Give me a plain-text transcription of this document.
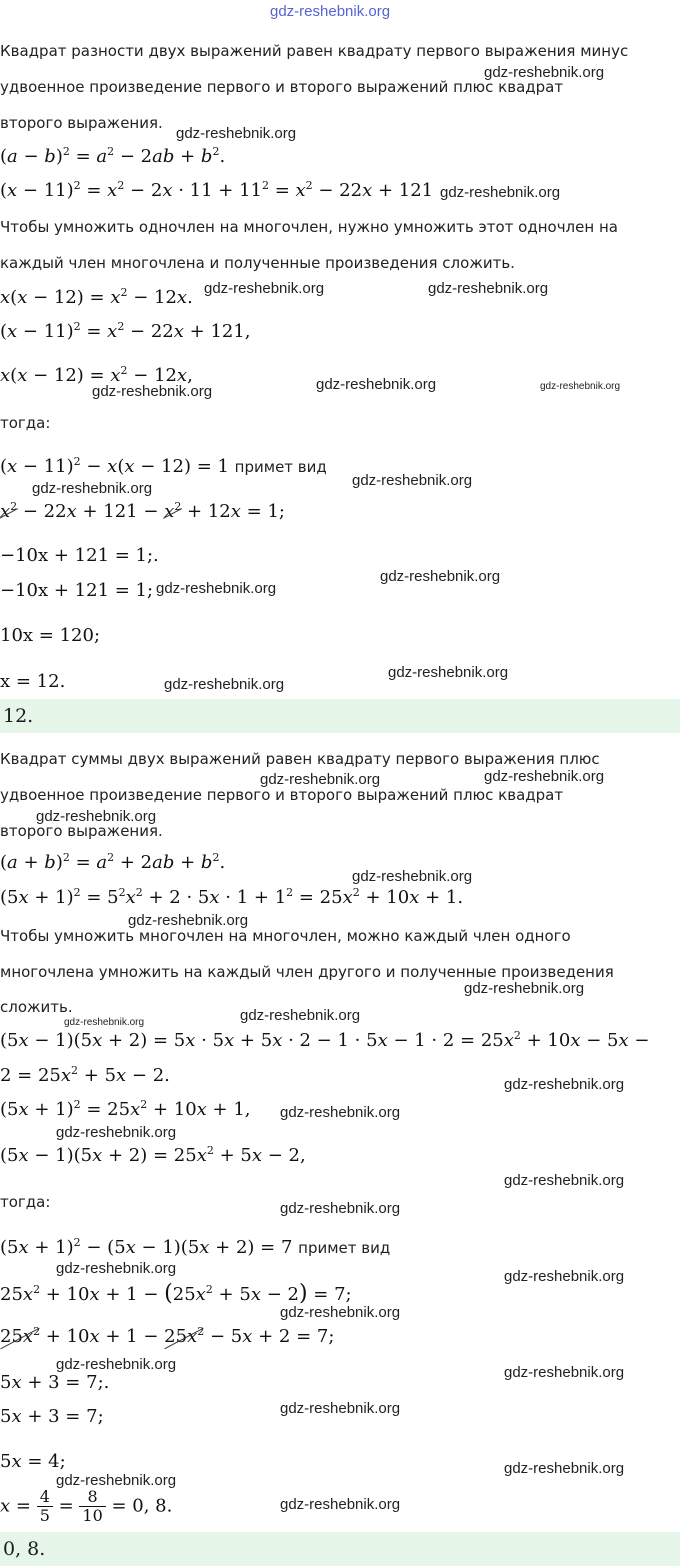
gdz-reshebnik.org
Квадрат разности двух выражений равен квадрату первого выражения минус
gdz-reshebnik.org
удвоенное произведение первого и второго выражений плюс квадрат
второго выражения.
gdz-reshebnik.org
$(a - b)^2 = a^2 - 2ab + b^2$.
$(x - 11)^2 = x^2 - 2x \cdot 11 + 11^2 = x^2 - 22x + 121$ gdz-reshebnik.org
Чтобы умножить одночлен на многочлен, нужно умножить этот одночлен на
каждый член многочлена и полученные произведения сложить.
$x(x - 12) = x^2 - 12x$. gdz-reshebnik.org	gdz-reshebnik.org
$(x - 11)^2 = x^2 - 22x + 121$,
$x(x - 12) = x^2 - 12x$,
gdz-reshebnik.org	gdz-reshebnik.org	gdz-reshebnik.org
тогда:
$(x - 11)^2 - x(x - 12) = 1$ примет вид
gdz-reshebnik.org
gdz-reshebnik.org
$x^2 - 22x + 121 - x^2 + 12x = 1$;
−10x + 121 = 1;.
−10x + 121 = 1; gdz-reshebnik.org
gdz-reshebnik.org
10x = 120;
x = 12.	gdz-reshebnik.org
gdz-reshebnik.org
12.
Квадрат суммы двух выражений равен квадрату первого выражения плюс
gdz-reshebnik.org
gdz-reshebnik.org
удвоенное произведение первого и второго выражений плюс квадрат
gdz-reshebnik.org
второго выражения.
$(a + b)^2 = a^2 + 2ab + b^2$.
gdz-reshebnik.org
$(5x + 1)^2 = 5^2x^2 + 2 \cdot 5x \cdot 1 + 1^2 = 25x^2 + 10x + 1$.
gdz-reshebnik.org
Чтобы умножить многочлен на многочлен, можно каждый член одного
многочлена умножить на каждый член другого и полученные произведения
gdz-reshebnik.org
сложить.	gdz-reshebnik.org
gdz-reshebnik.org
$(5x - 1)(5x + 2) = 5x \cdot 5x + 5x \cdot 2 - 1 \cdot 5x - 1 \cdot 2 = 25x^2 + 10x - 5x$ −
$2 = 25x^2 + 5x - 2$.	gdz-reshebnik.org
$(5x + 1)^2 = 25x^2 + 10x + 1$, gdz-reshebnik.org
gdz-reshebnik.org
$(5x - 1)(5x + 2) = 25x^2 + 5x - 2$,
gdz-reshebnik.org
тогда:	gdz-reshebnik.org
$(5x + 1)^2 - (5x - 1)(5x + 2) = 7$ примет вид
gdz-reshebnik.org	gdz-reshebnik.org
$25x^2 + 10x + 1 - (25x^2 + 5x - 2) = 7$;
gdz-reshebnik.org
$25x^2 + 10x + 1 - 25x^2 - 5x + 2 = 7$;
gdz-reshebnik.org	gdz-reshebnik.org
5x + 3 = 7;.
5x + 3 = 7;	gdz-reshebnik.org
5x = 4;	gdz-reshebnik.org
gdz-reshebnik.org
$x = \frac{4}{5} = \frac{8}{10} = 0$, 8.	gdz-reshebnik.org
0, 8.
